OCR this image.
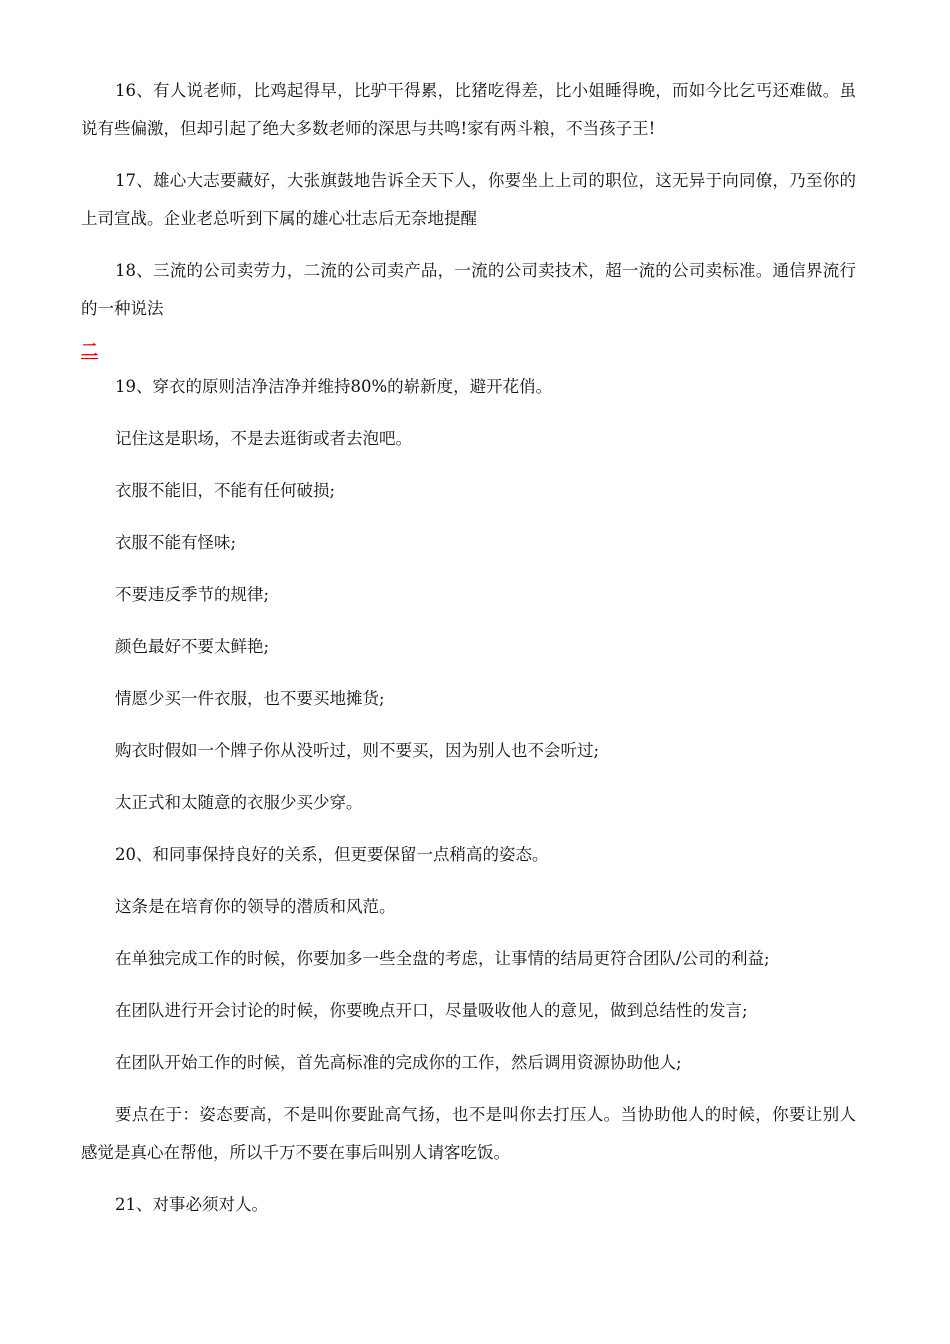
16、有人说老师，比鸡起得早，比驴干得累，比猪吃得差，比小姐睡得晚，而如今比乞丐还难做。虽说有些偏激，但却引起了绝大多数老师的深思与共鸣!家有两斗粮，不当孩子王!

17、雄心大志要藏好，大张旗鼓地告诉全天下人，你要坐上上司的职位，这无异于向同僚，乃至你的上司宣战。企业老总听到下属的雄心壮志后无奈地提醒

18、三流的公司卖劳力，二流的公司卖产品，一流的公司卖技术，超一流的公司卖标准。通信界流行的一种说法

二

19、穿衣的原则洁净洁净并维持80%的崭新度，避开花俏。

记住这是职场，不是去逛街或者去泡吧。

衣服不能旧，不能有任何破损;

衣服不能有怪味;

不要违反季节的规律;

颜色最好不要太鲜艳;

情愿少买一件衣服，也不要买地摊货;

购衣时假如一个牌子你从没听过，则不要买，因为别人也不会听过;

太正式和太随意的衣服少买少穿。

20、和同事保持良好的关系，但更要保留一点稍高的姿态。

这条是在培育你的领导的潜质和风范。

在单独完成工作的时候，你要加多一些全盘的考虑，让事情的结局更符合团队/公司的利益;

在团队进行开会讨论的时候，你要晚点开口，尽量吸收他人的意见，做到总结性的发言;

在团队开始工作的时候，首先高标准的完成你的工作，然后调用资源协助他人;

要点在于：姿态要高，不是叫你要趾高气扬，也不是叫你去打压人。当协助他人的时候，你要让别人感觉是真心在帮他，所以千万不要在事后叫别人请客吃饭。

21、对事必须对人。
